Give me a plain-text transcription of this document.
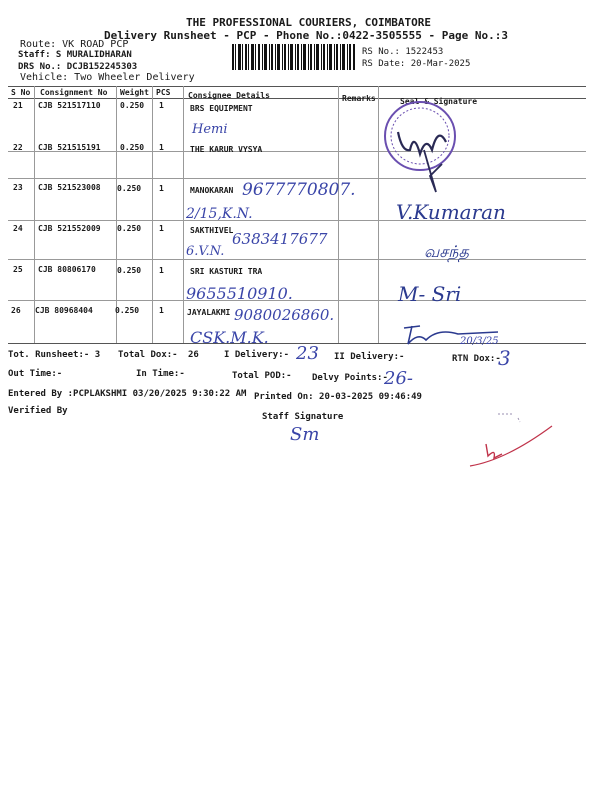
THE PROFESSIONAL COURIERS, COIMBATORE
Delivery Runsheet - PCP - Phone No.:0422-3505555 - Page No.:3
Route: VK ROAD PCP
Staff: S MURALIDHARAN
DRS No.: DCJB152245303
Vehicle: Two Wheeler Delivery
RS No.: 1522453
RS Date: 20-Mar-2025
S No Consignment No Weight PCS Consignee Details	Remarks	Seal & Signature
21 CJB 521517110 0.250 1	BRS EQUIPMENT
Hemi
22 CJB 521515191 0.250 1	THE KARUR VYSYA
23 CJB 521523008 0.250 1	MANOKARAN 9677770807.
2/15,K.N.	V.Kumaran
24 CJB 521552009 0.250 1	SAKTHIVEL
6383417677
6.V.N.	வசந்த
25 CJB 80806170	0.250 1	SRI KASTURI TRA
9655510910.	M- Sri
26 CJB 80968404	0.250 1	JAYALAKMI 9080026860.
CSK.M.K.	20/3/25
Tot. Runsheet:- 3 Total Dox:- 26	I Delivery:- 23 II Delivery:-	RTN Dox:-
3
Out Time:-	In Time:-	Total POD:- Delvy Points:-
26-
Entered By :PCPLAKSHMI 03/20/2025 9:30:22 AM Printed On: 20-03-2025 09:46:49
Verified By
Staff Signature
Sm
